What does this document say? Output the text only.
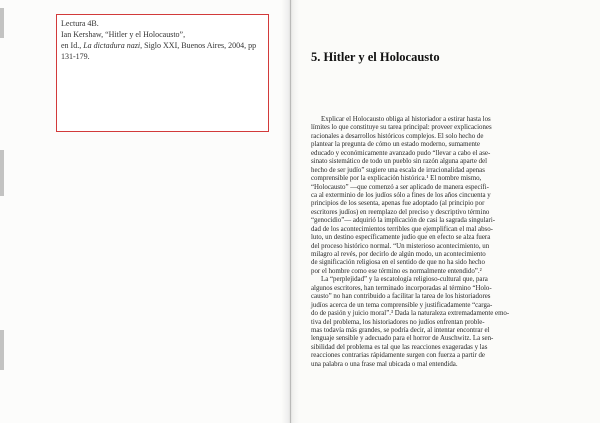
Lectura 4B.
Ian Kershaw, “Hitler y el Holocausto”,
en Id., La dictadura nazi, Siglo XXI, Buenos Aires, 2004, pp
131-179.	5. Hitler y el Holocausto
Explicar el Holocausto obliga al historiador a estirar hasta los
límites lo que constituye su tarea principal: proveer explicaciones
racionales a desarrollos históricos complejos. El solo hecho de
plantear la pregunta de cómo un estado moderno, sumamente
educado y económicamente avanzado pudo “llevar a cabo el ase-
sinato sistemático de todo un pueblo sin razón alguna aparte del
hecho de ser judío” sugiere una escala de irracionalidad apenas
comprensible por la explicación histórica.¹ El nombre mismo,
“Holocausto” —que comenzó a ser aplicado de manera específi-
ca al exterminio de los judíos sólo a fines de los años cincuenta y
principios de los sesenta, apenas fue adoptado (al principio por
escritores judíos) en reemplazo del preciso y descriptivo término
“genocidio”— adquirió la implicación de casi la sagrada singulari-
dad de los acontecimientos terribles que ejemplifican el mal abso-
luto, un destino específicamente judío que en efecto se alza fuera
del proceso histórico normal. “Un misterioso acontecimiento, un
milagro al revés, por decirlo de algún modo, un acontecimiento
de significación religiosa en el sentido de que no ha sido hecho
por el hombre como ese término es normalmente entendido”.²
La “perplejidad” y la escatología religioso-cultural que, para
algunos escritores, han terminado incorporadas al término “Holo-
causto” no han contribuido a facilitar la tarea de los historiadores
judíos acerca de un tema comprensible y justificadamente “carga-
do de pasión y juicio moral”.³ Dada la naturaleza extremadamente emo-
tiva del problema, los historiadores no judíos enfrentan proble-
mas todavía más grandes, se podría decir, al intentar encontrar el
lenguaje sensible y adecuado para el horror de Auschwitz. La sen-
sibilidad del problema es tal que las reacciones exageradas y las
reacciones contrarias rápidamente surgen con fuerza a partir de
una palabra o una frase mal ubicada o mal entendida.
